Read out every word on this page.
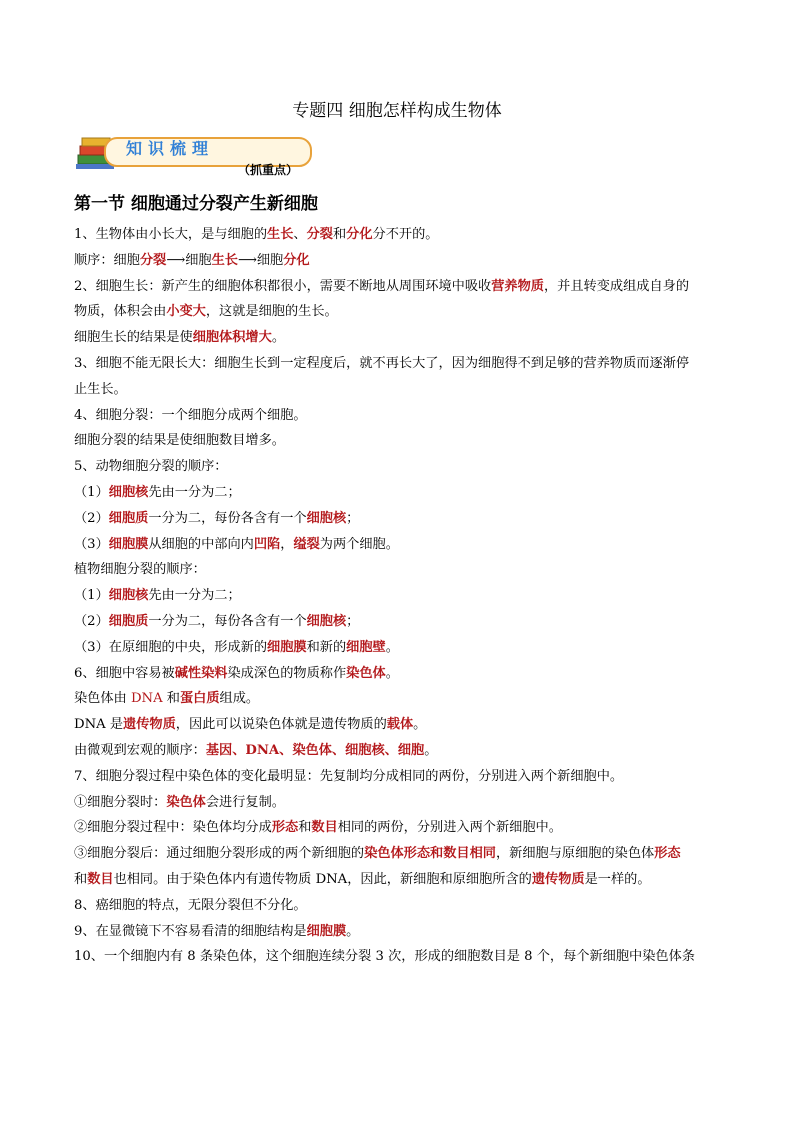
专题四 细胞怎样构成生物体
知识梳理
（抓重点）
第一节 细胞通过分裂产生新细胞

1、生物体由小长大，是与细胞的生长、分裂和分化分不开的。

顺序：细胞分裂⟶细胞生长⟶细胞分化

2、细胞生长：新产生的细胞体积都很小，需要不断地从周围环境中吸收营养物质，并且转变成组成自身的

物质，体积会由小变大，这就是细胞的生长。

细胞生长的结果是使细胞体积增大。

3、细胞不能无限长大：细胞生长到一定程度后，就不再长大了，因为细胞得不到足够的营养物质而逐渐停

止生长。

4、细胞分裂：一个细胞分成两个细胞。

细胞分裂的结果是使细胞数目增多。

5、动物细胞分裂的顺序：

（1）细胞核先由一分为二；

（2）细胞质一分为二，每份各含有一个细胞核；

（3）细胞膜从细胞的中部向内凹陷，缢裂为两个细胞。

植物细胞分裂的顺序：

（1）细胞核先由一分为二；

（2）细胞质一分为二，每份各含有一个细胞核；

（3）在原细胞的中央，形成新的细胞膜和新的细胞壁。

6、细胞中容易被碱性染料染成深色的物质称作染色体。

染色体由 DNA 和蛋白质组成。

DNA 是遗传物质，因此可以说染色体就是遗传物质的载体。

由微观到宏观的顺序：基因、DNA、染色体、细胞核、细胞。

7、细胞分裂过程中染色体的变化最明显：先复制均分成相同的两份，分别进入两个新细胞中。

①细胞分裂时：染色体会进行复制。

②细胞分裂过程中：染色体均分成形态和数目相同的两份，分别进入两个新细胞中。

③细胞分裂后：通过细胞分裂形成的两个新细胞的染色体形态和数目相同，新细胞与原细胞的染色体形态

和数目也相同。由于染色体内有遗传物质 DNA，因此，新细胞和原细胞所含的遗传物质是一样的。

8、癌细胞的特点，无限分裂但不分化。

9、在显微镜下不容易看清的细胞结构是细胞膜。

10、一个细胞内有 8 条染色体，这个细胞连续分裂 3 次，形成的细胞数目是 8 个，每个新细胞中染色体条
